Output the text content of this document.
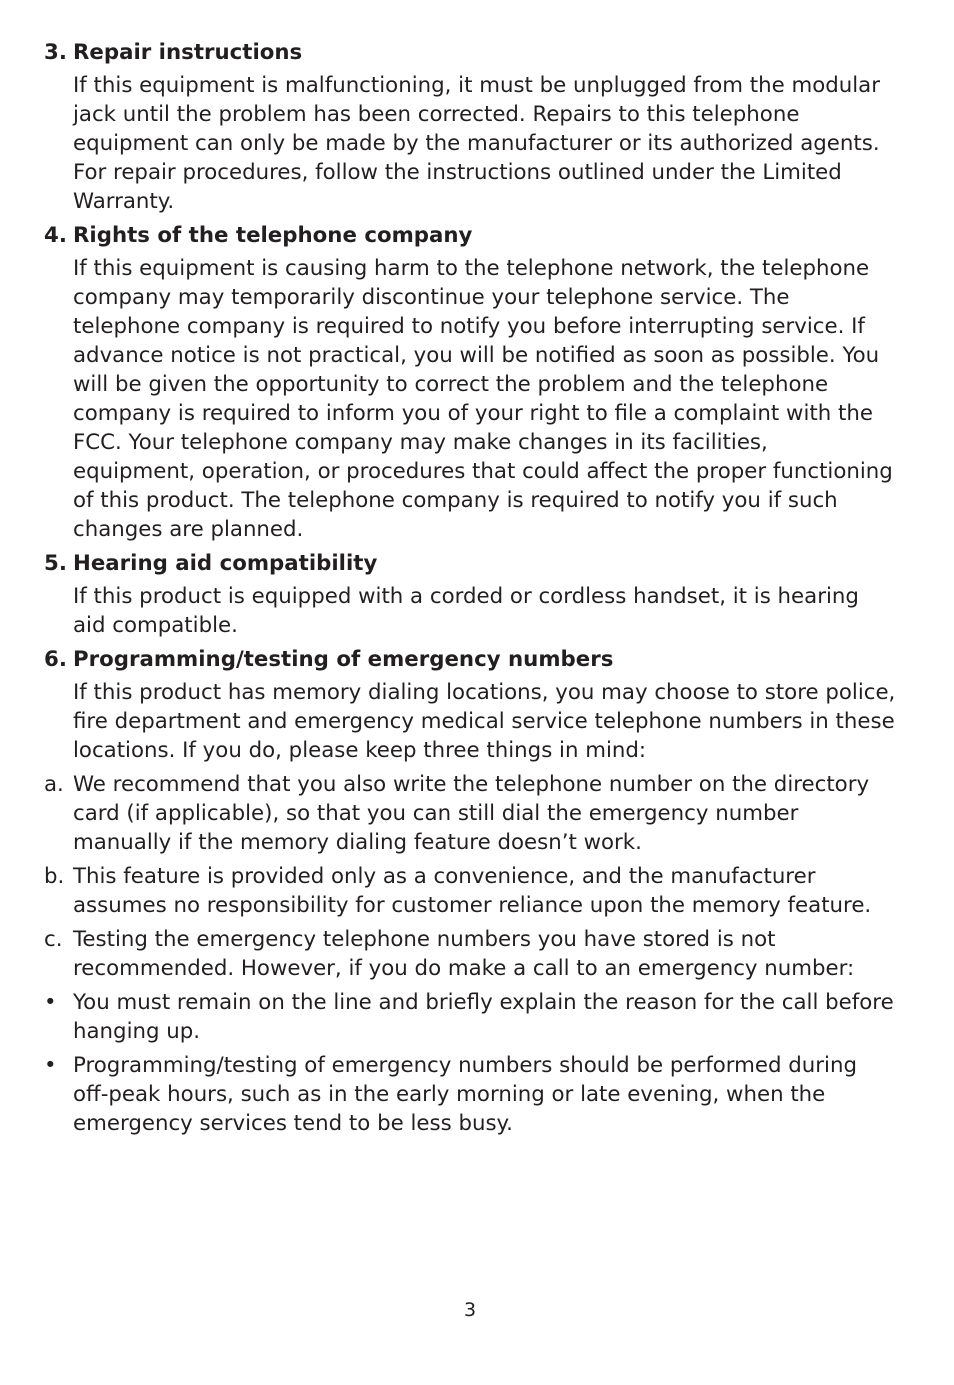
3. Repair instructions
If this equipment is malfunctioning, it must be unplugged from the modular jack until the problem has been corrected. Repairs to this telephone equipment can only be made by the manufacturer or its authorized agents. For repair procedures, follow the instructions outlined under the Limited Warranty.
4. Rights of the telephone company
If this equipment is causing harm to the telephone network, the telephone company may temporarily discontinue your telephone service. The telephone company is required to notify you before interrupting service. If advance notice is not practical, you will be notified as soon as possible. You will be given the opportunity to correct the problem and the telephone company is required to inform you of your right to file a complaint with the FCC. Your telephone company may make changes in its facilities, equipment, operation, or procedures that could affect the proper functioning of this product. The telephone company is required to notify you if such changes are planned.
5. Hearing aid compatibility
If this product is equipped with a corded or cordless handset, it is hearing aid compatible.
6. Programming/testing of emergency numbers
If this product has memory dialing locations, you may choose to store police, fire department and emergency medical service telephone numbers in these locations. If you do, please keep three things in mind:
a. We recommend that you also write the telephone number on the directory card (if applicable), so that you can still dial the emergency number manually if the memory dialing feature doesn’t work.
b. This feature is provided only as a convenience, and the manufacturer assumes no responsibility for customer reliance upon the memory feature.
c. Testing the emergency telephone numbers you have stored is not recommended. However, if you do make a call to an emergency number:
• You must remain on the line and briefly explain the reason for the call before hanging up.
• Programming/testing of emergency numbers should be performed during off-peak hours, such as in the early morning or late evening, when the emergency services tend to be less busy.
3
